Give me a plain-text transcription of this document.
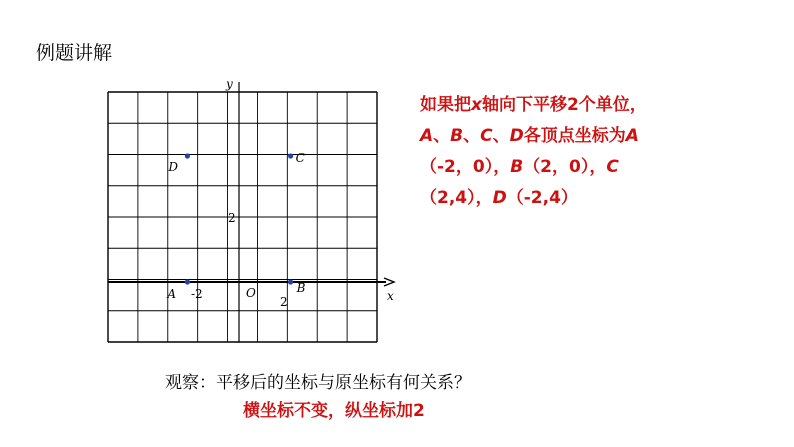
例题讲解
x
y
O
-2
2
2
A	B
C
D
如果把x轴向下平移2个单位，A、B、C、D各顶点坐标为A（-2，0），B（2，0），C（2,4），D（-2,4）
观察：平移后的坐标与原坐标有何关系？
横坐标不变，纵坐标加2
